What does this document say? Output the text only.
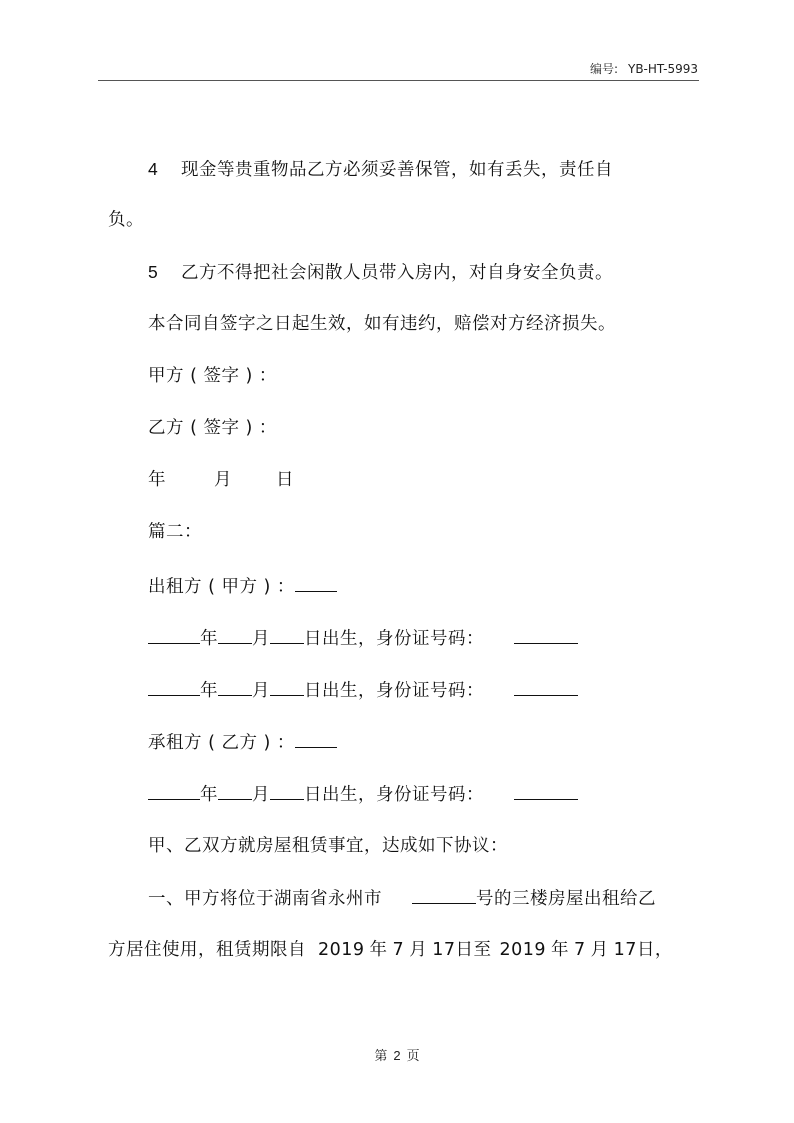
编号: YB-HT-5993
4 现金等贵重物品乙方必须妥善保管，如有丢失，责任自
负。
5 乙方不得把社会闲散人员带入房内，对自身安全负责。
本合同自签字之日起生效，如有违约，赔偿对方经济损失。
甲方 ( 签字 ) ：
乙方 ( 签字 ) ：
年	月	日
篇二：
出租方 ( 甲方 ) ：
年 月 日出生，身份证号码：
年 月 日出生，身份证号码：
承租方 ( 乙方 ) ：
年 月 日出生，身份证号码：
甲、乙双方就房屋租赁事宜，达成如下协议：
一、甲方将位于湖南省永州市	号的三楼房屋出租给乙
方居住使用，租赁期限自 2019 年 7 月 17日至 2019 年 7 月 17日，
第 2 页
